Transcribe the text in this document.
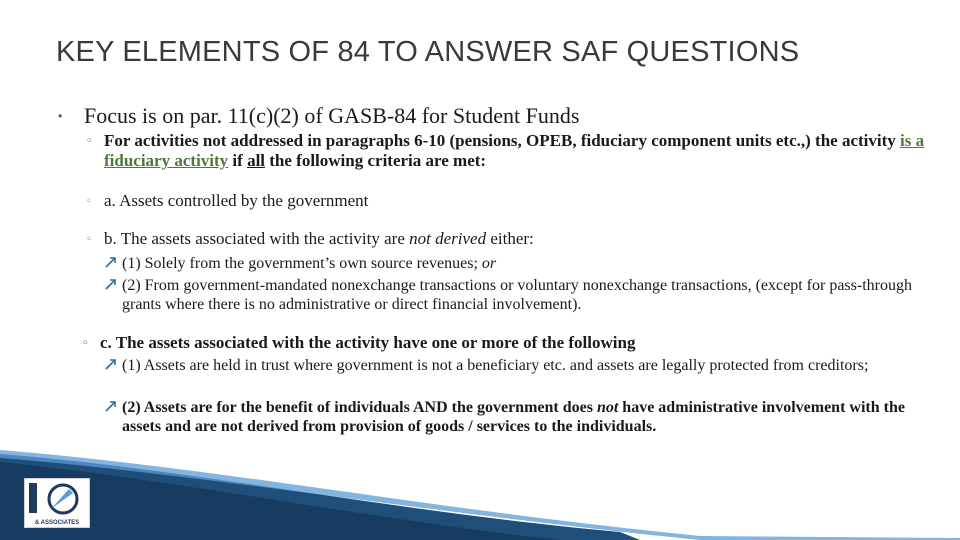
KEY ELEMENTS OF 84 TO ANSWER SAF QUESTIONS
• Focus is on par. 11(c)(2) of GASB-84 for Student Funds
◦ For activities not addressed in paragraphs 6-10 (pensions, OPEB, fiduciary component units etc.,) the activity is a fiduciary activity if all the following criteria are met:
◦ a. Assets controlled by the government
◦ b. The assets associated with the activity are not derived either:
(1) Solely from the government’s own source revenues; or
(2) From government-mandated nonexchange transactions or voluntary nonexchange transactions, (except for pass-through grants where there is no administrative or direct financial involvement).
◦ c. The assets associated with the activity have one or more of the following
(1) Assets are held in trust where government is not a beneficiary etc. and assets are legally protected from creditors;
(2) Assets are for the benefit of individuals AND the government does not have administrative involvement with the assets and are not derived from provision of goods / services to the individuals.
& ASSOCIATES
